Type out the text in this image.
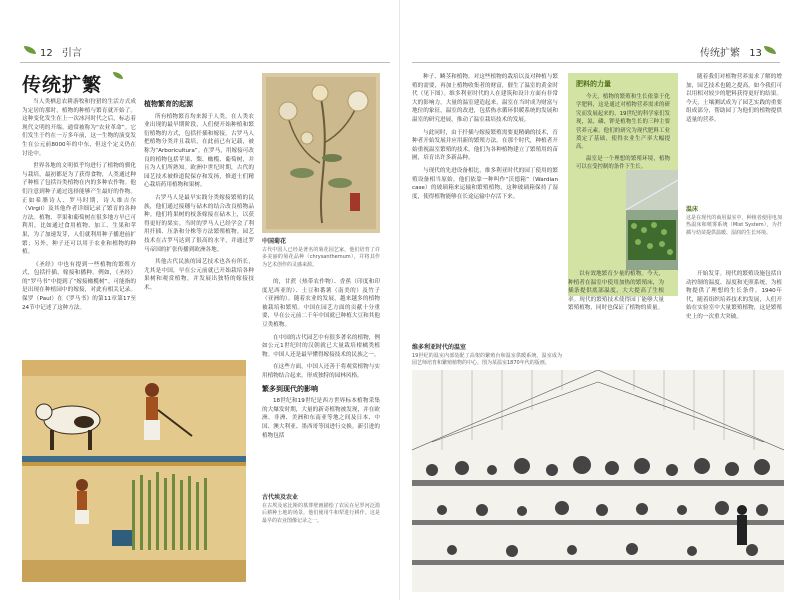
12 引言
传统扩繁

当人类栖息农耕游牧和狩猎的生活方式成为定居的那时，植物的种植与繁育就开始了。这种变化发生在上一次冰河时代之后，标志着现代文明的开端。通常被称为“农业革命”。它们发生于约在一万多年前，这一生物的演变发生在公元前8000年的中东，但这个定义仍在讨论中。

世界各地的文明似乎均进行了植物的驯化与栽培，最初都是为了获得食物，人类通过种子种植了包括谷类植物在内的多种农作物。他们注意到种子通过选择能够产生最好的作物。正如希腊诗人、罗马时期，诗人维吉尔（Virgil）及其他作者详细记录了繁育的各种方法。植物、苹果和葡萄树在很多地方早已可利用，比如通过食用植物、加工、生果和苹果，为了加速发芽，人们就利用种子播进前扩繁；另外，种子还可以用于农业和植物的种植。

《圣经》中也有提到一些植物的繁殖方式，包括扦插、嫁接和播种。例如，《圣经》的“罗马书”中提到了“嫁接橄榄树”。可能指的是出现在种植园中的嫁接，对此有相关记录。保罗（Paul）在《罗马书》的第11章第17至24节中记述了这种方法。

植物繁育的起源

所有植物繁育均来源于人类。在人类农业出现的最早期阶段，人们便开始种植和繁衍植物的方式，包括扦插和嫁接。古罗马人把植物分类并且栽培，在此前已有记载，被称为“Arboricultura”。在罗马，用嫁接可改良的植物包括苹果、梨、橄榄、葡萄树，并且为人们所熟知。欧洲中世纪时期，古代的园艺技术被修道院保存和发扬，修道士们精心栽培药用植物和果树。

古罗马人是最早实践分类嫁接繁殖的民族，他们通过接穗与砧木的结合改良植物品种。他们将果树的枝条嫁接在砧木上，以获得更好的果实。当时的罗马人已经学会了利用扦插、压条和分株等方法繁殖植物。园艺技术在古罗马达到了很高的水平，并通过罗马帝国的扩张传播到欧洲各地。

其他古代民族的园艺技术也各有所长，尤其是中国，早在公元前就已开始栽培各种果树和观赏植物，并发展出独特的嫁接技术。

中国菊花
古代中国人已经是著名的菊花园艺家，他们培育了许多美丽的菊花品种（chrysanthemum），并将其作为艺术创作的灵感来源。

的，甘蔗（热带农作物）、香蕉（印度和印度尼西亚的）、土豆和番薯（南美的）及竹子（亚洲的）。随着农业的发展，越来越多的植物被栽培和繁殖。中国在园艺方面的贡献十分重要，早在公元前二千年中国就已种植大豆和其他豆类植物。

在中国的古代园艺中有很多著名的植物，例如公元1世纪时的汉朝就已大量栽培柑橘类植物。中国人还是最早懂得嫁接技术的民族之一。

在这些方面，中国人还善于将观赏植物与实用植物结合起来，形成独特的园林风格。

繁多到现代的影响

18世纪和19世纪是西方世界标本植物采集的大爆发时期，大量的新奇植物被发现，并在欧洲、非洲、美洲和东南亚等地之间及日本、中国、澳大利亚、墨西哥等国进行交换。新引进的植物包括

古代埃及农业
在古埃及底比斯的墓葬壁画描绘了农民在尼罗河泛滥后耕种土地的场景，他们使用牛和犁进行耕作。这是最早的农业图像记录之一。
传统扩繁 13

种子、鳞茎和植物。对这些植物的栽培以及对种植与繁殖的需要，再加上植物收集者的财富，催生了温室的黄金时代（见下图）。维多利亚时代的人在建筑和设计方面有非常大的影响力，大量的温室建造起来，温室在当时成为财富与地位的象征，温室的改进，包括热水循环供暖系统的发展和温室的研究进展，推动了温室栽培技术的发展。

与此同时，由于扦插与嫁接繁殖需要更精确的技术，育种者开始发展并应用新的繁殖方法。在那个时代，种植者开始重视温室繁殖的技术，他们为各种植物建立了繁殖用的苗圃，培育出许多新品种。

与现代的先进设备相比，维多利亚时代的园丁使用的繁殖设备相当原始。他们依靠一种叫作“沃德箱”（Wardian case）的玻璃箱来运输和繁殖植物，这种玻璃箱保持了湿度，使得植物能够在长途运输中存活下来。

随着我们对植物营养需求了解的增加，园艺技术也随之提高。如今我们可以用相对较少的肥料获得更好的结果。今天，土壤测试成为了园艺实践的重要组成部分，帮助园丁为他们的植物提供适量的营养。

肥料的力量

今天，植物的繁殖和生长依靠于化学肥料，这是通过对植物营养需求的研究而发展起来的。19世纪的科学家们发现，氮、磷、钾是植物生长的三种主要营养元素。他们的研究为现代肥料工业奠定了基础，使得农业生产率大幅提高。

温室是一个理想的繁殖环境，植物可以在受控制的条件下生长。

温床
这是在现代的商用温室中，种植者使用电加热温床和喷雾系统（Mist System），为扦插与幼苗提供温暖、湿润的生长环境。

以有效地繁育少量的植物。今天，种植者在温室中使用加热的繁殖床，为插条提供底部温度，大大提高了生根率。现代的繁殖技术使得园丁能够大量繁殖植物，同时也保证了植物的质量。

开始发芽。现代的繁殖设施包括自动控制的温度、湿度和光照系统，为植物提供了理想的生长条件。1940年代，随着组织培养技术的发展，人们开始在实验室中大量繁殖植物，这是繁殖史上的一次重大突破。

维多利亚时代的温室
19世纪的温室内部装配了高架的繁殖台和温室供暖系统，温室成为园艺师培育和繁殖植物的中心。图为某温室1870年代的版画。
